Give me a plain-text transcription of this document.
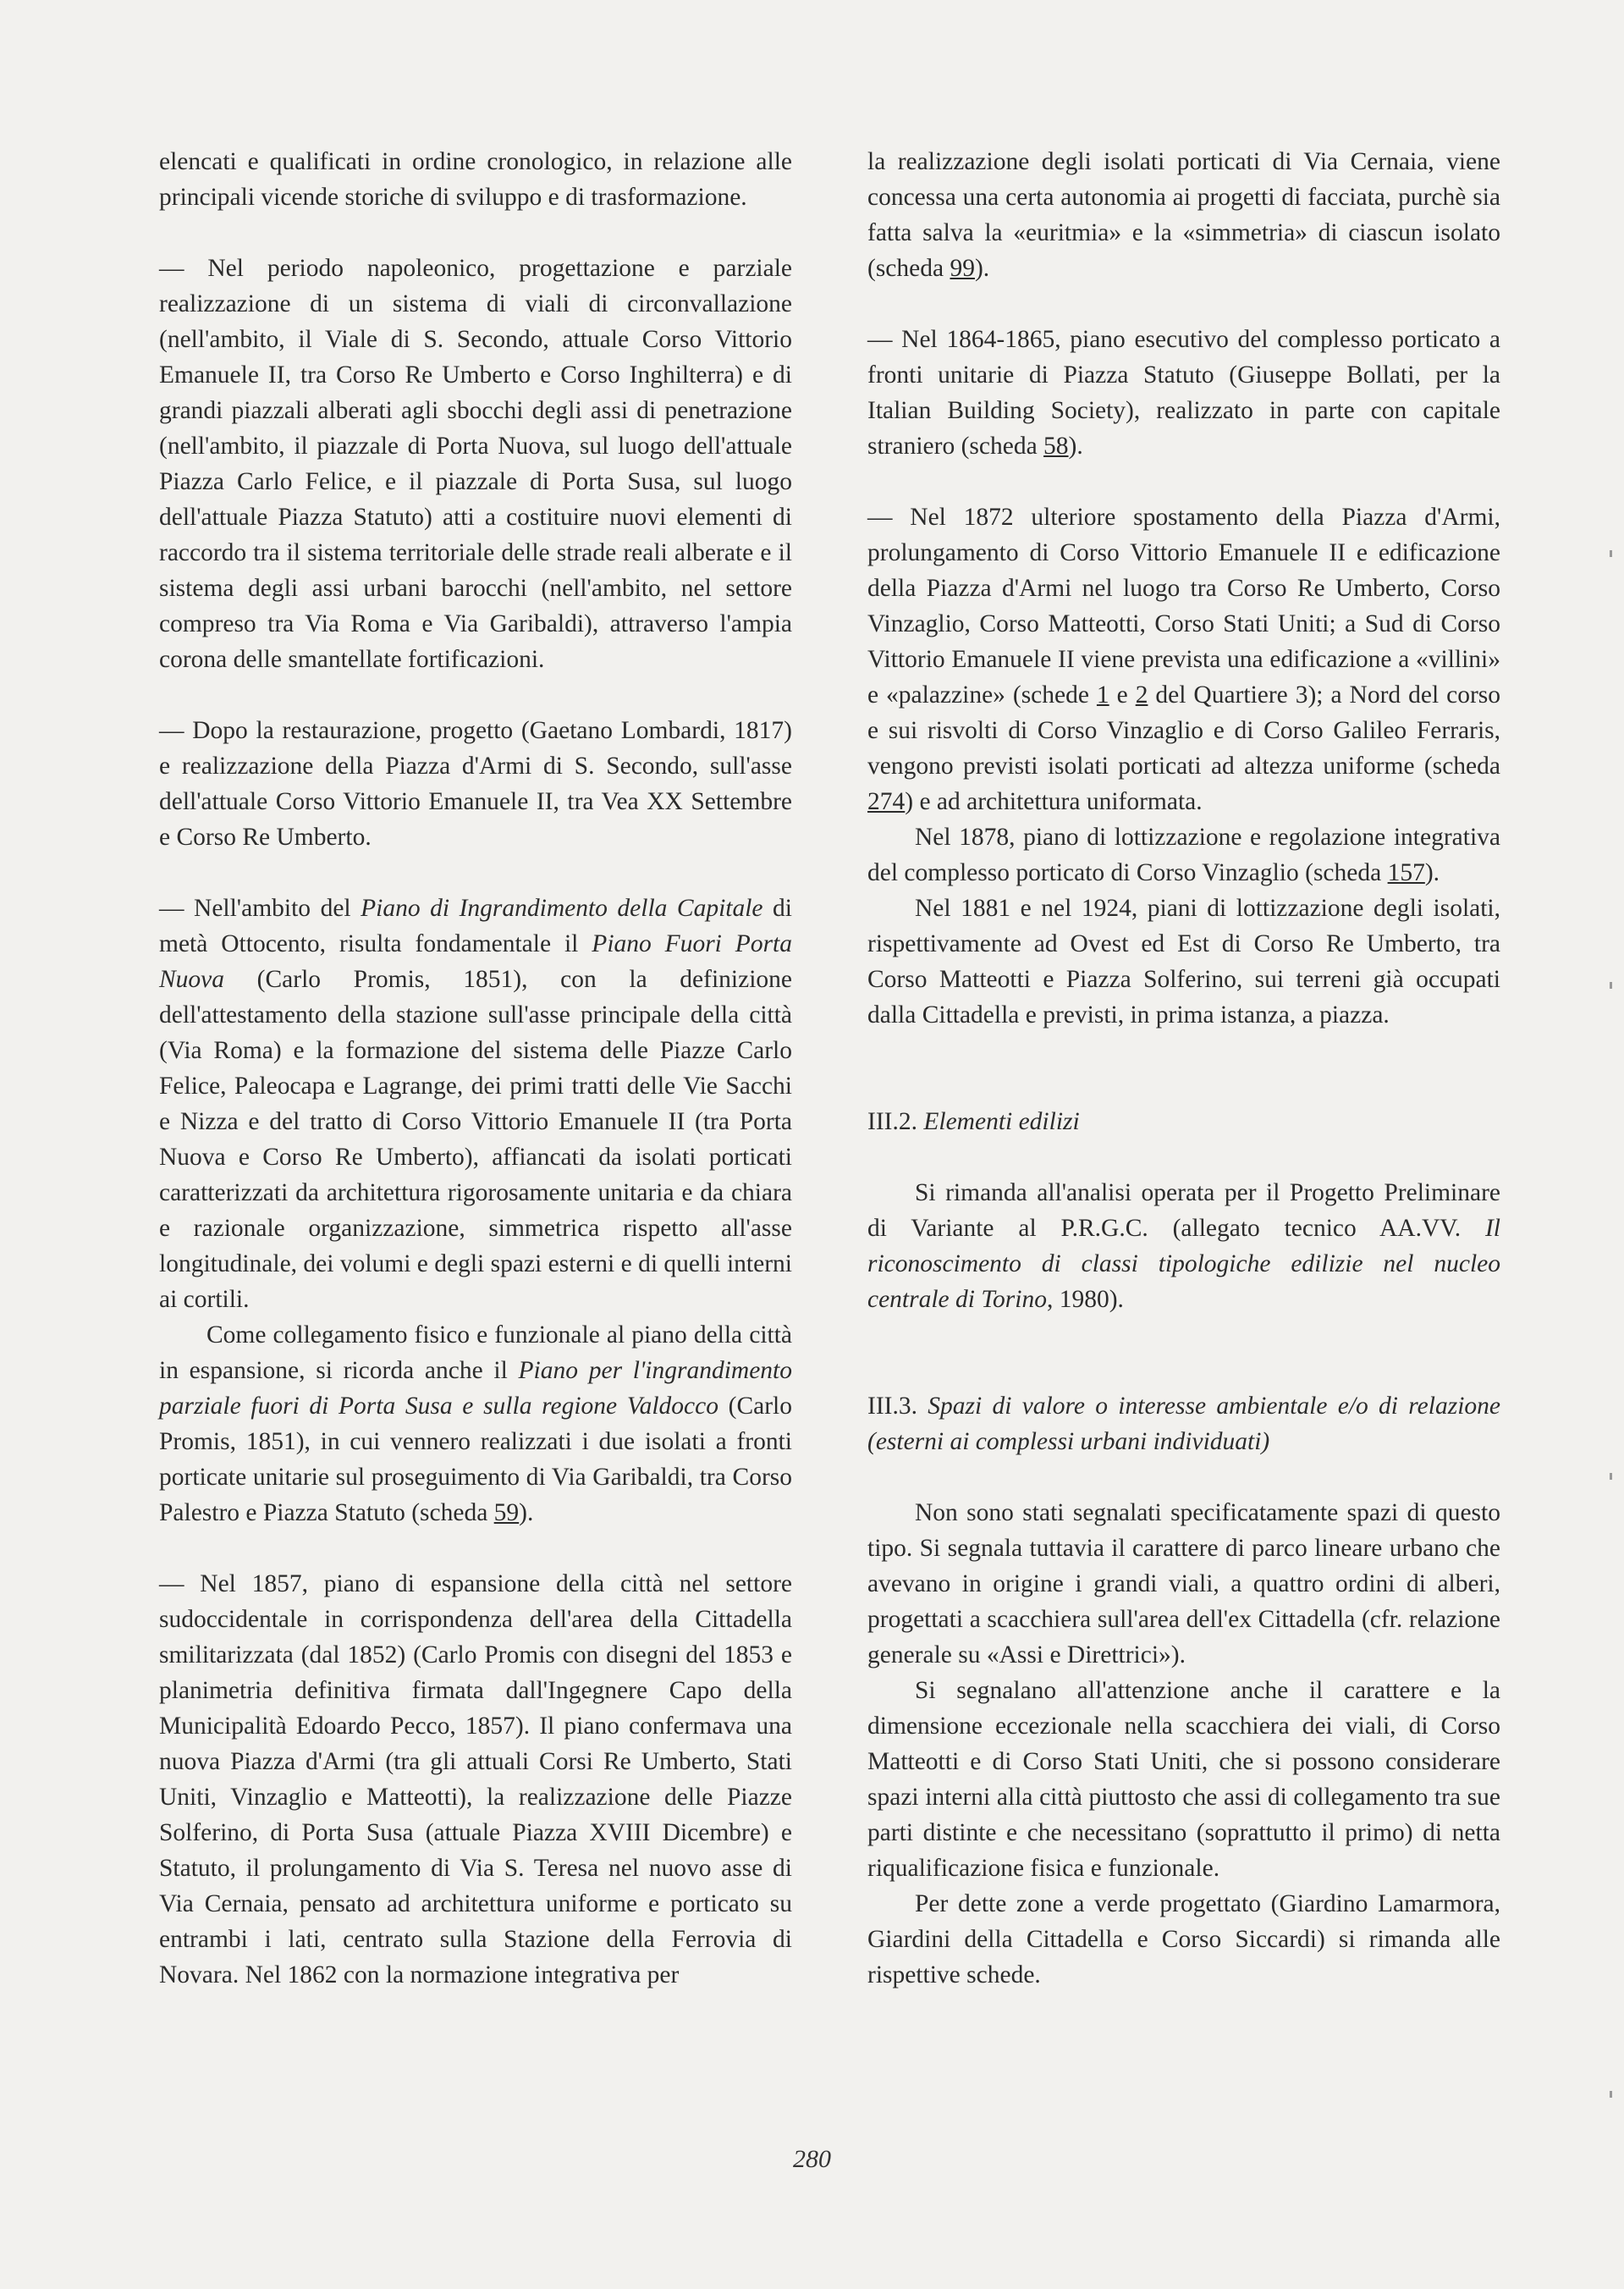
elencati e qualificati in ordine cronologico, in relazione alle principali vicende storiche di sviluppo e di trasformazione.

— Nel periodo napoleonico, progettazione e parziale realizzazione di un sistema di viali di circonvallazione (nell'ambito, il Viale di S. Secondo, attuale Corso Vittorio Emanuele II, tra Corso Re Umberto e Corso Inghilterra) e di grandi piazzali alberati agli sbocchi degli assi di penetrazione (nell'ambito, il piazzale di Porta Nuova, sul luogo dell'attuale Piazza Carlo Felice, e il piazzale di Porta Susa, sul luogo dell'attuale Piazza Statuto) atti a costituire nuovi elementi di raccordo tra il sistema territoriale delle strade reali alberate e il sistema degli assi urbani barocchi (nell'ambito, nel settore compreso tra Via Roma e Via Garibaldi), attraverso l'ampia corona delle smantellate fortificazioni.

— Dopo la restaurazione, progetto (Gaetano Lombardi, 1817) e realizzazione della Piazza d'Armi di S. Secondo, sull'asse dell'attuale Corso Vittorio Emanuele II, tra Vea XX Settembre e Corso Re Umberto.

— Nell'ambito del Piano di Ingrandimento della Capitale di metà Ottocento, risulta fondamentale il Piano Fuori Porta Nuova (Carlo Promis, 1851), con la definizione dell'attestamento della stazione sull'asse principale della città (Via Roma) e la formazione del sistema delle Piazze Carlo Felice, Paleocapa e Lagrange, dei primi tratti delle Vie Sacchi e Nizza e del tratto di Corso Vittorio Emanuele II (tra Porta Nuova e Corso Re Umberto), affiancati da isolati porticati caratterizzati da architettura rigorosamente unitaria e da chiara e razionale organizzazione, simmetrica rispetto all'asse longitudinale, dei volumi e degli spazi esterni e di quelli interni ai cortili.

Come collegamento fisico e funzionale al piano della città in espansione, si ricorda anche il Piano per l'ingrandimento parziale fuori di Porta Susa e sulla regione Valdocco (Carlo Promis, 1851), in cui vennero realizzati i due isolati a fronti porticate unitarie sul proseguimento di Via Garibaldi, tra Corso Palestro e Piazza Statuto (scheda 59).

— Nel 1857, piano di espansione della città nel settore sudoccidentale in corrispondenza dell'area della Cittadella smilitarizzata (dal 1852) (Carlo Promis con disegni del 1853 e planimetria definitiva firmata dall'Ingegnere Capo della Municipalità Edoardo Pecco, 1857). Il piano confermava una nuova Piazza d'Armi (tra gli attuali Corsi Re Umberto, Stati Uniti, Vinzaglio e Matteotti), la realizzazione delle Piazze Solferino, di Porta Susa (attuale Piazza XVIII Dicembre) e Statuto, il prolungamento di Via S. Teresa nel nuovo asse di Via Cernaia, pensato ad architettura uniforme e porticato su entrambi i lati, centrato sulla Stazione della Ferrovia di Novara. Nel 1862 con la normazione integrativa per

la realizzazione degli isolati porticati di Via Cernaia, viene concessa una certa autonomia ai progetti di facciata, purchè sia fatta salva la «euritmia» e la «simmetria» di ciascun isolato (scheda 99).

— Nel 1864-1865, piano esecutivo del complesso porticato a fronti unitarie di Piazza Statuto (Giuseppe Bollati, per la Italian Building Society), realizzato in parte con capitale straniero (scheda 58).

— Nel 1872 ulteriore spostamento della Piazza d'Armi, prolungamento di Corso Vittorio Emanuele II e edificazione della Piazza d'Armi nel luogo tra Corso Re Umberto, Corso Vinzaglio, Corso Matteotti, Corso Stati Uniti; a Sud di Corso Vittorio Emanuele II viene prevista una edificazione a «villini» e «palazzine» (schede 1 e 2 del Quartiere 3); a Nord del corso e sui risvolti di Corso Vinzaglio e di Corso Galileo Ferraris, vengono previsti isolati porticati ad altezza uniforme (scheda 274) e ad architettura uniformata.

Nel 1878, piano di lottizzazione e regolazione integrativa del complesso porticato di Corso Vinzaglio (scheda 157).

Nel 1881 e nel 1924, piani di lottizzazione degli isolati, rispettivamente ad Ovest ed Est di Corso Re Umberto, tra Corso Matteotti e Piazza Solferino, sui terreni già occupati dalla Cittadella e previsti, in prima istanza, a piazza.

III.2. Elementi edilizi

Si rimanda all'analisi operata per il Progetto Preliminare di Variante al P.R.G.C. (allegato tecnico AA.VV. Il riconoscimento di classi tipologiche edilizie nel nucleo centrale di Torino, 1980).

III.3. Spazi di valore o interesse ambientale e/o di relazione (esterni ai complessi urbani individuati)

Non sono stati segnalati specificatamente spazi di questo tipo. Si segnala tuttavia il carattere di parco lineare urbano che avevano in origine i grandi viali, a quattro ordini di alberi, progettati a scacchiera sull'area dell'ex Cittadella (cfr. relazione generale su «Assi e Direttrici»).

Si segnalano all'attenzione anche il carattere e la dimensione eccezionale nella scacchiera dei viali, di Corso Matteotti e di Corso Stati Uniti, che si possono considerare spazi interni alla città piuttosto che assi di collegamento tra sue parti distinte e che necessitano (soprattutto il primo) di netta riqualificazione fisica e funzionale.

Per dette zone a verde progettato (Giardino Lamarmora, Giardini della Cittadella e Corso Siccardi) si rimanda alle rispettive schede.

280
